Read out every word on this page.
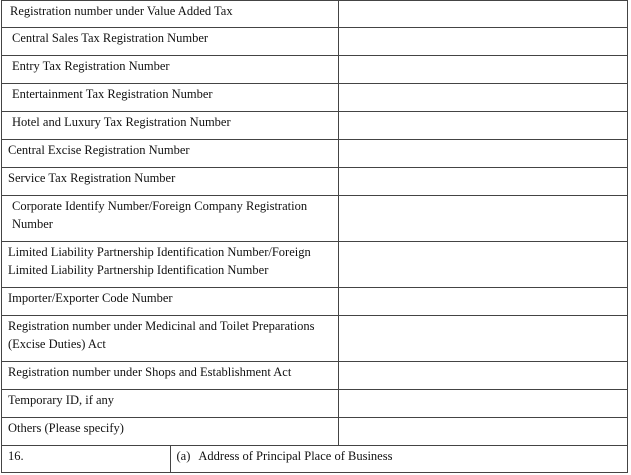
Registration number under Value Added Tax		

Central Sales Tax Registration Number		

Entry Tax Registration Number		

Entertainment Tax Registration Number		

Hotel and Luxury Tax Registration Number		

Central Excise Registration Number		

Service Tax Registration Number		

Corporate Identify Number/Foreign Company Registration Number		

Limited Liability Partnership Identification Number/Foreign Limited Liability Partnership Identification Number		

Importer/Exporter Code Number		

Registration number under Medicinal and Toilet Preparations (Excise Duties) Act		

Registration number under Shops and Establishment Act		

Temporary ID, if any		

Others (Please specify)		

16.	(a) Address of Principal Place of Business	
